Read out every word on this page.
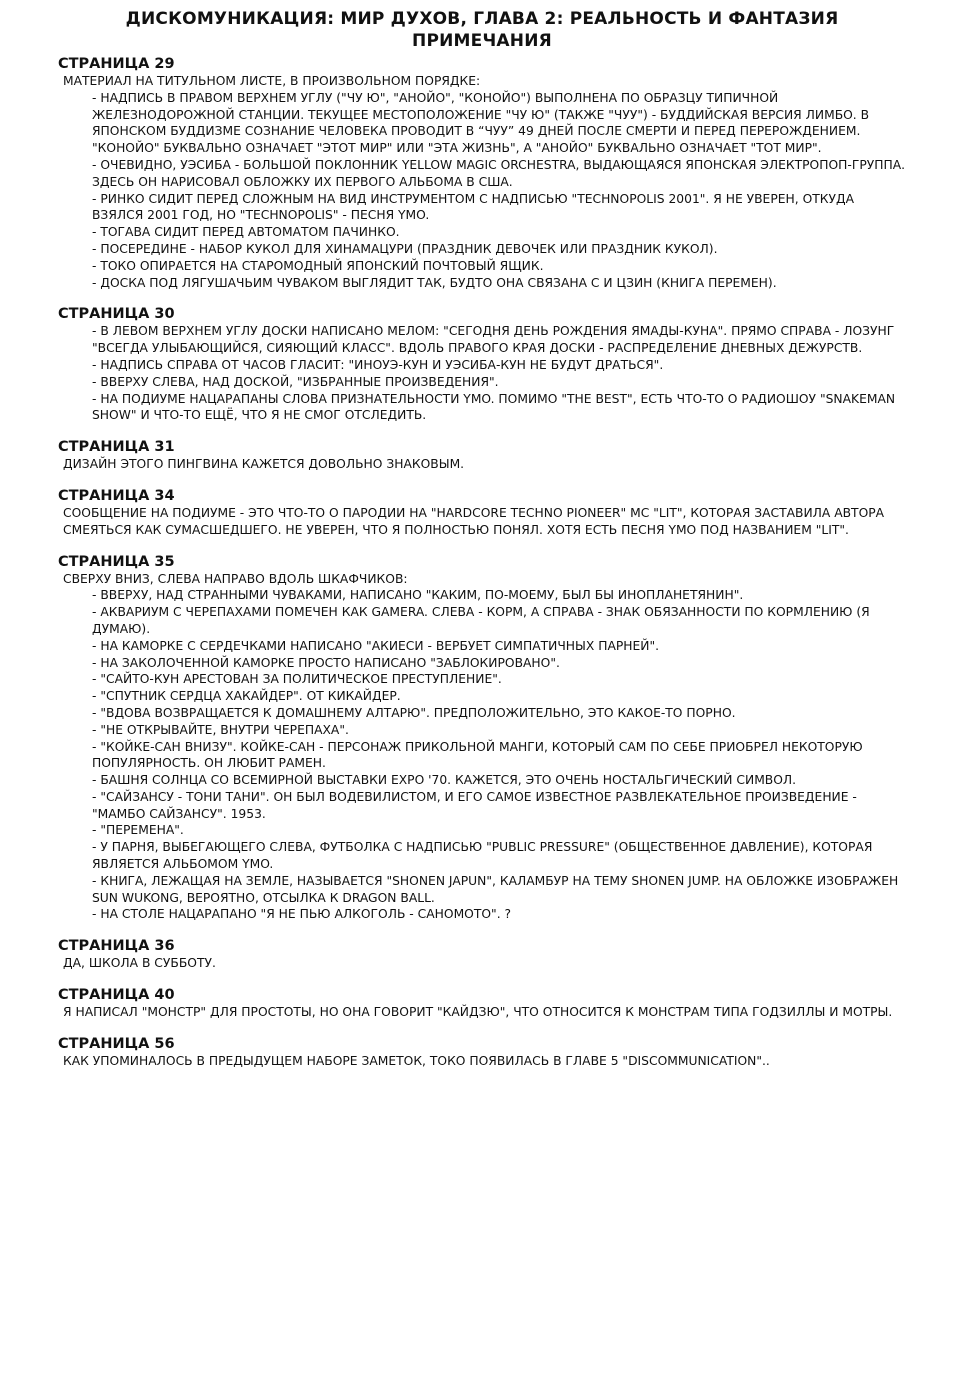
ДИСКОМУНИКАЦИЯ: МИР ДУХОВ, ГЛАВА 2: РЕАЛЬНОСТЬ И ФАНТАЗИЯ
ПРИМЕЧАНИЯ
СТРАНИЦА 29
МАТЕРИАЛ НА ТИТУЛЬНОМ ЛИСТЕ, В ПРОИЗВОЛЬНОМ ПОРЯДКЕ:
- НАДПИСЬ В ПРАВОМ ВЕРХНЕМ УГЛУ ("ЧУ Ю", "АНОЙО", "КОНОЙО") ВЫПОЛНЕНА ПО ОБРАЗЦУ ТИПИЧНОЙ ЖЕЛЕЗНОДОРОЖНОЙ СТАНЦИИ. ТЕКУЩЕЕ МЕСТОПОЛОЖЕНИЕ "ЧУ Ю" (ТАКЖЕ "ЧУУ") - БУДДИЙСКАЯ ВЕРСИЯ ЛИМБО. В ЯПОНСКОМ БУДДИЗМЕ СОЗНАНИЕ ЧЕЛОВЕКА ПРОВОДИТ В “ЧУУ” 49 ДНЕЙ ПОСЛЕ СМЕРТИ И ПЕРЕД ПЕРЕРОЖДЕНИЕМ. "КОНОЙО" БУКВАЛЬНО ОЗНАЧАЕТ "ЭТОТ МИР" ИЛИ "ЭТА ЖИЗНЬ", А "АНОЙО" БУКВАЛЬНО ОЗНАЧАЕТ "ТОТ МИР".
- ОЧЕВИДНО, УЭСИБА - БОЛЬШОЙ ПОКЛОННИК YELLOW MAGIC ORCHESTRA, ВЫДАЮЩАЯСЯ ЯПОНСКАЯ ЭЛЕКТРОПОП-ГРУППА. ЗДЕСЬ ОН НАРИСОВАЛ ОБЛОЖКУ ИХ ПЕРВОГО АЛЬБОМА В США.
- РИНКО СИДИТ ПЕРЕД СЛОЖНЫМ НА ВИД ИНСТРУМЕНТОМ С НАДПИСЬЮ "TECHNOPOLIS 2001". Я НЕ УВЕРЕН, ОТКУДА ВЗЯЛСЯ 2001 ГОД, НО "TECHNOPOLIS" - ПЕСНЯ YMO.
- ТОГАВА СИДИТ ПЕРЕД АВТОМАТОМ ПАЧИНКО.
- ПОСЕРЕДИНЕ - НАБОР КУКОЛ ДЛЯ ХИНАМАЦУРИ (ПРАЗДНИК ДЕВОЧЕК ИЛИ ПРАЗДНИК КУКОЛ).
- ТОКО ОПИРАЕТСЯ НА СТАРОМОДНЫЙ ЯПОНСКИЙ ПОЧТОВЫЙ ЯЩИК.
- ДОСКА ПОД ЛЯГУШАЧЬИМ ЧУВАКОМ ВЫГЛЯДИТ ТАК, БУДТО ОНА СВЯЗАНА С И ЦЗИН (КНИГА ПЕРЕМЕН).
СТРАНИЦА 30
- В ЛЕВОМ ВЕРХНЕМ УГЛУ ДОСКИ НАПИСАНО МЕЛОМ: "СЕГОДНЯ ДЕНЬ РОЖДЕНИЯ ЯМАДЫ-КУНА". ПРЯМО СПРАВА - ЛОЗУНГ "ВСЕГДА УЛЫБАЮЩИЙСЯ, СИЯЮЩИЙ КЛАСС". ВДОЛЬ ПРАВОГО КРАЯ ДОСКИ - РАСПРЕДЕЛЕНИЕ ДНЕВНЫХ ДЕЖУРСТВ.
- НАДПИСЬ СПРАВА ОТ ЧАСОВ ГЛАСИТ: "ИНОУЭ-КУН И УЭСИБА-КУН НЕ БУДУТ ДРАТЬСЯ".
- ВВЕРХУ СЛЕВА, НАД ДОСКОЙ, "ИЗБРАННЫЕ ПРОИЗВЕДЕНИЯ".
- НА ПОДИУМЕ НАЦАРАПАНЫ СЛОВА ПРИЗНАТЕЛЬНОСТИ YMO. ПОМИМО "THE BEST", ЕСТЬ ЧТО-ТО О РАДИОШОУ "SNAKEMAN SHOW" И ЧТО-ТО ЕЩЁ, ЧТО Я НЕ СМОГ ОТСЛЕДИТЬ.
СТРАНИЦА 31
ДИЗАЙН ЭТОГО ПИНГВИНА КАЖЕТСЯ ДОВОЛЬНО ЗНАКОВЫМ.
СТРАНИЦА 34
СООБЩЕНИЕ НА ПОДИУМЕ - ЭТО ЧТО-ТО О ПАРОДИИ НА "HARDCORE TECHNO PIONEER" MC "LIT", КОТОРАЯ ЗАСТАВИЛА АВТОРА СМЕЯТЬСЯ КАК СУМАСШЕДШЕГО. НЕ УВЕРЕН, ЧТО Я ПОЛНОСТЬЮ ПОНЯЛ. ХОТЯ ЕСТЬ ПЕСНЯ YMO ПОД НАЗВАНИЕМ "LIT".
СТРАНИЦА 35
СВЕРХУ ВНИЗ, СЛЕВА НАПРАВО ВДОЛЬ ШКАФЧИКОВ:
- ВВЕРХУ, НАД СТРАННЫМИ ЧУВАКАМИ, НАПИСАНО "КАКИМ, ПО-МОЕМУ, БЫЛ БЫ ИНОПЛАНЕТЯНИН".
- АКВАРИУМ С ЧЕРЕПАХАМИ ПОМЕЧЕН КАК GAMERA. СЛЕВА - КОРМ, А СПРАВА - ЗНАК ОБЯЗАННОСТИ ПО КОРМЛЕНИЮ (Я ДУМАЮ).
- НА КАМОРКЕ С СЕРДЕЧКАМИ НАПИСАНО "АКИЕСИ - ВЕРБУЕТ СИМПАТИЧНЫХ ПАРНЕЙ".
- НА ЗАКОЛОЧЕННОЙ КАМОРКЕ ПРОСТО НАПИСАНО "ЗАБЛОКИРОВАНО".
- "САЙТО-КУН АРЕСТОВАН ЗА ПОЛИТИЧЕСКОЕ ПРЕСТУПЛЕНИЕ".
- "СПУТНИК СЕРДЦА ХАКАЙДЕР". ОТ КИКАЙДЕР.
- "ВДОВА ВОЗВРАЩАЕТСЯ К ДОМАШНЕМУ АЛТАРЮ". ПРЕДПОЛОЖИТЕЛЬНО, ЭТО КАКОЕ-ТО ПОРНО.
- "НЕ ОТКРЫВАЙТЕ, ВНУТРИ ЧЕРЕПАХА".
- "КОЙКЕ-САН ВНИЗУ". КОЙКЕ-САН - ПЕРСОНАЖ ПРИКОЛЬНОЙ МАНГИ, КОТОРЫЙ САМ ПО СЕБЕ ПРИОБРЕЛ НЕКОТОРУЮ ПОПУЛЯРНОСТЬ. ОН ЛЮБИТ РАМЕН.
- БАШНЯ СОЛНЦА СО ВСЕМИРНОЙ ВЫСТАВКИ EXPO '70. КАЖЕТСЯ, ЭТО ОЧЕНЬ НОСТАЛЬГИЧЕСКИЙ СИМВОЛ.
- "САЙЗАНСУ - ТОНИ ТАНИ". ОН БЫЛ ВОДЕВИЛИСТОМ, И ЕГО САМОЕ ИЗВЕСТНОЕ РАЗВЛЕКАТЕЛЬНОЕ ПРОИЗВЕДЕНИЕ - "МАМБО САЙЗАНСУ". 1953.
- "ПЕРЕМЕНА".
- У ПАРНЯ, ВЫБЕГАЮЩЕГО СЛЕВА, ФУТБОЛКА С НАДПИСЬЮ "PUBLIC PRESSURE" (ОБЩЕСТВЕННОЕ ДАВЛЕНИЕ), КОТОРАЯ ЯВЛЯЕТСЯ АЛЬБОМОМ YMO.
- КНИГА, ЛЕЖАЩАЯ НА ЗЕМЛЕ, НАЗЫВАЕТСЯ "SHONEN JAPUN", КАЛАМБУР НА ТЕМУ SHONEN JUMP. НА ОБЛОЖКЕ ИЗОБРАЖЕН SUN WUKONG, ВЕРОЯТНО, ОТСЫЛКА К DRAGON BALL.
- НА СТОЛЕ НАЦАРАПАНО "Я НЕ ПЬЮ АЛКОГОЛЬ - САНОМОТО". ?
СТРАНИЦА 36
ДА, ШКОЛА В СУББОТУ.
СТРАНИЦА 40
Я НАПИСАЛ "МОНСТР" ДЛЯ ПРОСТОТЫ, НО ОНА ГОВОРИТ "КАЙДЗЮ", ЧТО ОТНОСИТСЯ К МОНСТРАМ ТИПА ГОДЗИЛЛЫ И МОТРЫ.
СТРАНИЦА 56
КАК УПОМИНАЛОСЬ В ПРЕДЫДУЩЕМ НАБОРЕ ЗАМЕТОК, ТОКО ПОЯВИЛАСЬ В ГЛАВЕ 5 "DISCOMMUNICATION"..
